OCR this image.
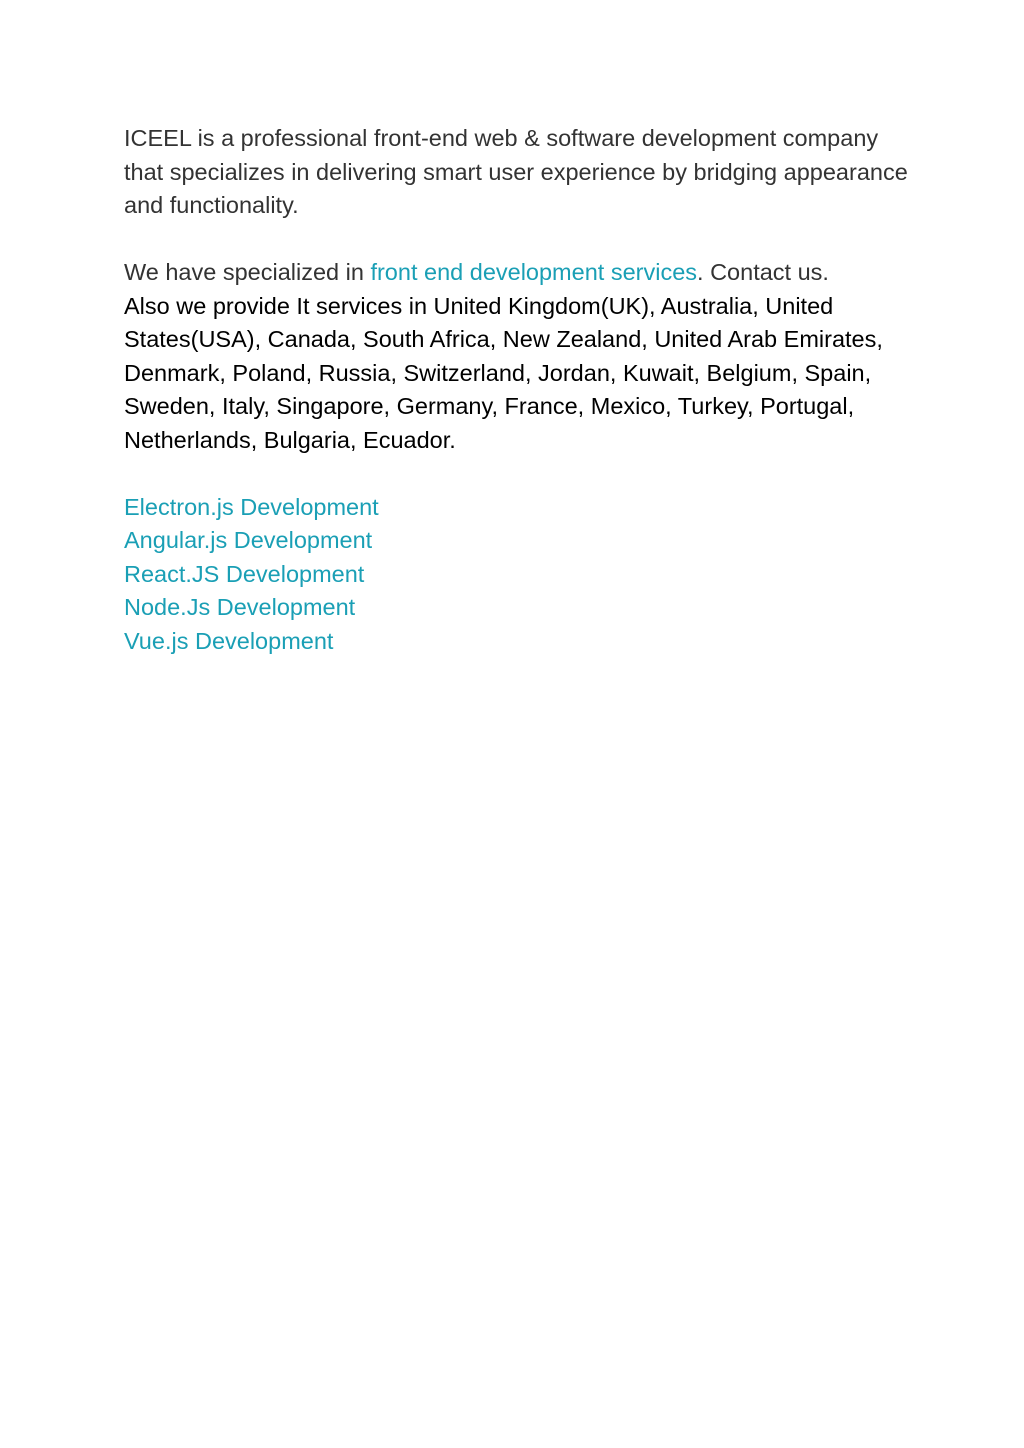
ICEEL is a professional front-end web & software development company that specializes in delivering smart user experience by bridging appearance and functionality.

We have specialized in front end development services. Contact us.
Also we provide It services in United Kingdom(UK), Australia, United States(USA), Canada, South Africa, New Zealand, United Arab Emirates, Denmark, Poland, Russia, Switzerland, Jordan, Kuwait, Belgium, Spain, Sweden, Italy, Singapore, Germany, France, Mexico, Turkey, Portugal, Netherlands, Bulgaria, Ecuador.

Electron.js Development
Angular.js Development
React.JS Development
Node.Js Development
Vue.js Development
